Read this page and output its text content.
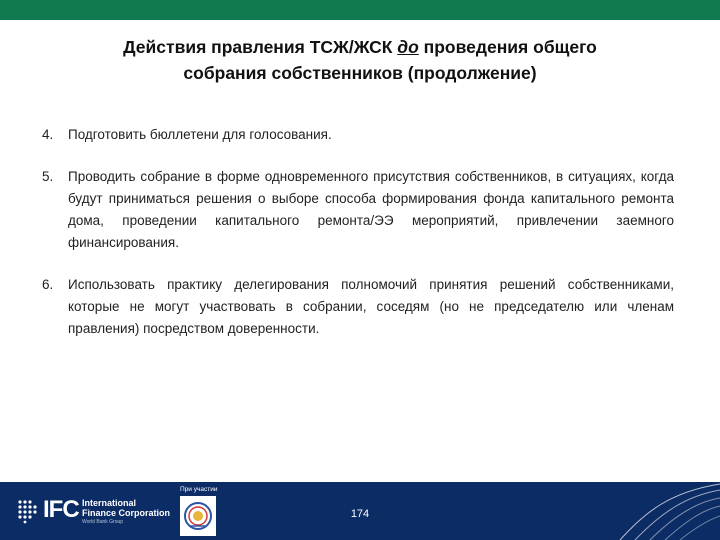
Действия правления ТСЖ/ЖСК до проведения общего
собрания собственников (продолжение)
4.	Подготовить бюллетени для голосования.
5.	Проводить собрание в форме одновременного присутствия собственников, в ситуациях, когда будут приниматься решения о выборе способа формирования фонда капитального ремонта дома, проведении капитального ремонта/ЭЭ мероприятий, привлечении заемного финансирования.
6.	Использовать практику делегирования полномочий принятия решений собственниками, которые не могут участвовать в собрании, соседям (но не председателю или членам правления) посредством доверенности.
IFC International
Finance Corporation
World Bank Group
При участии
174
